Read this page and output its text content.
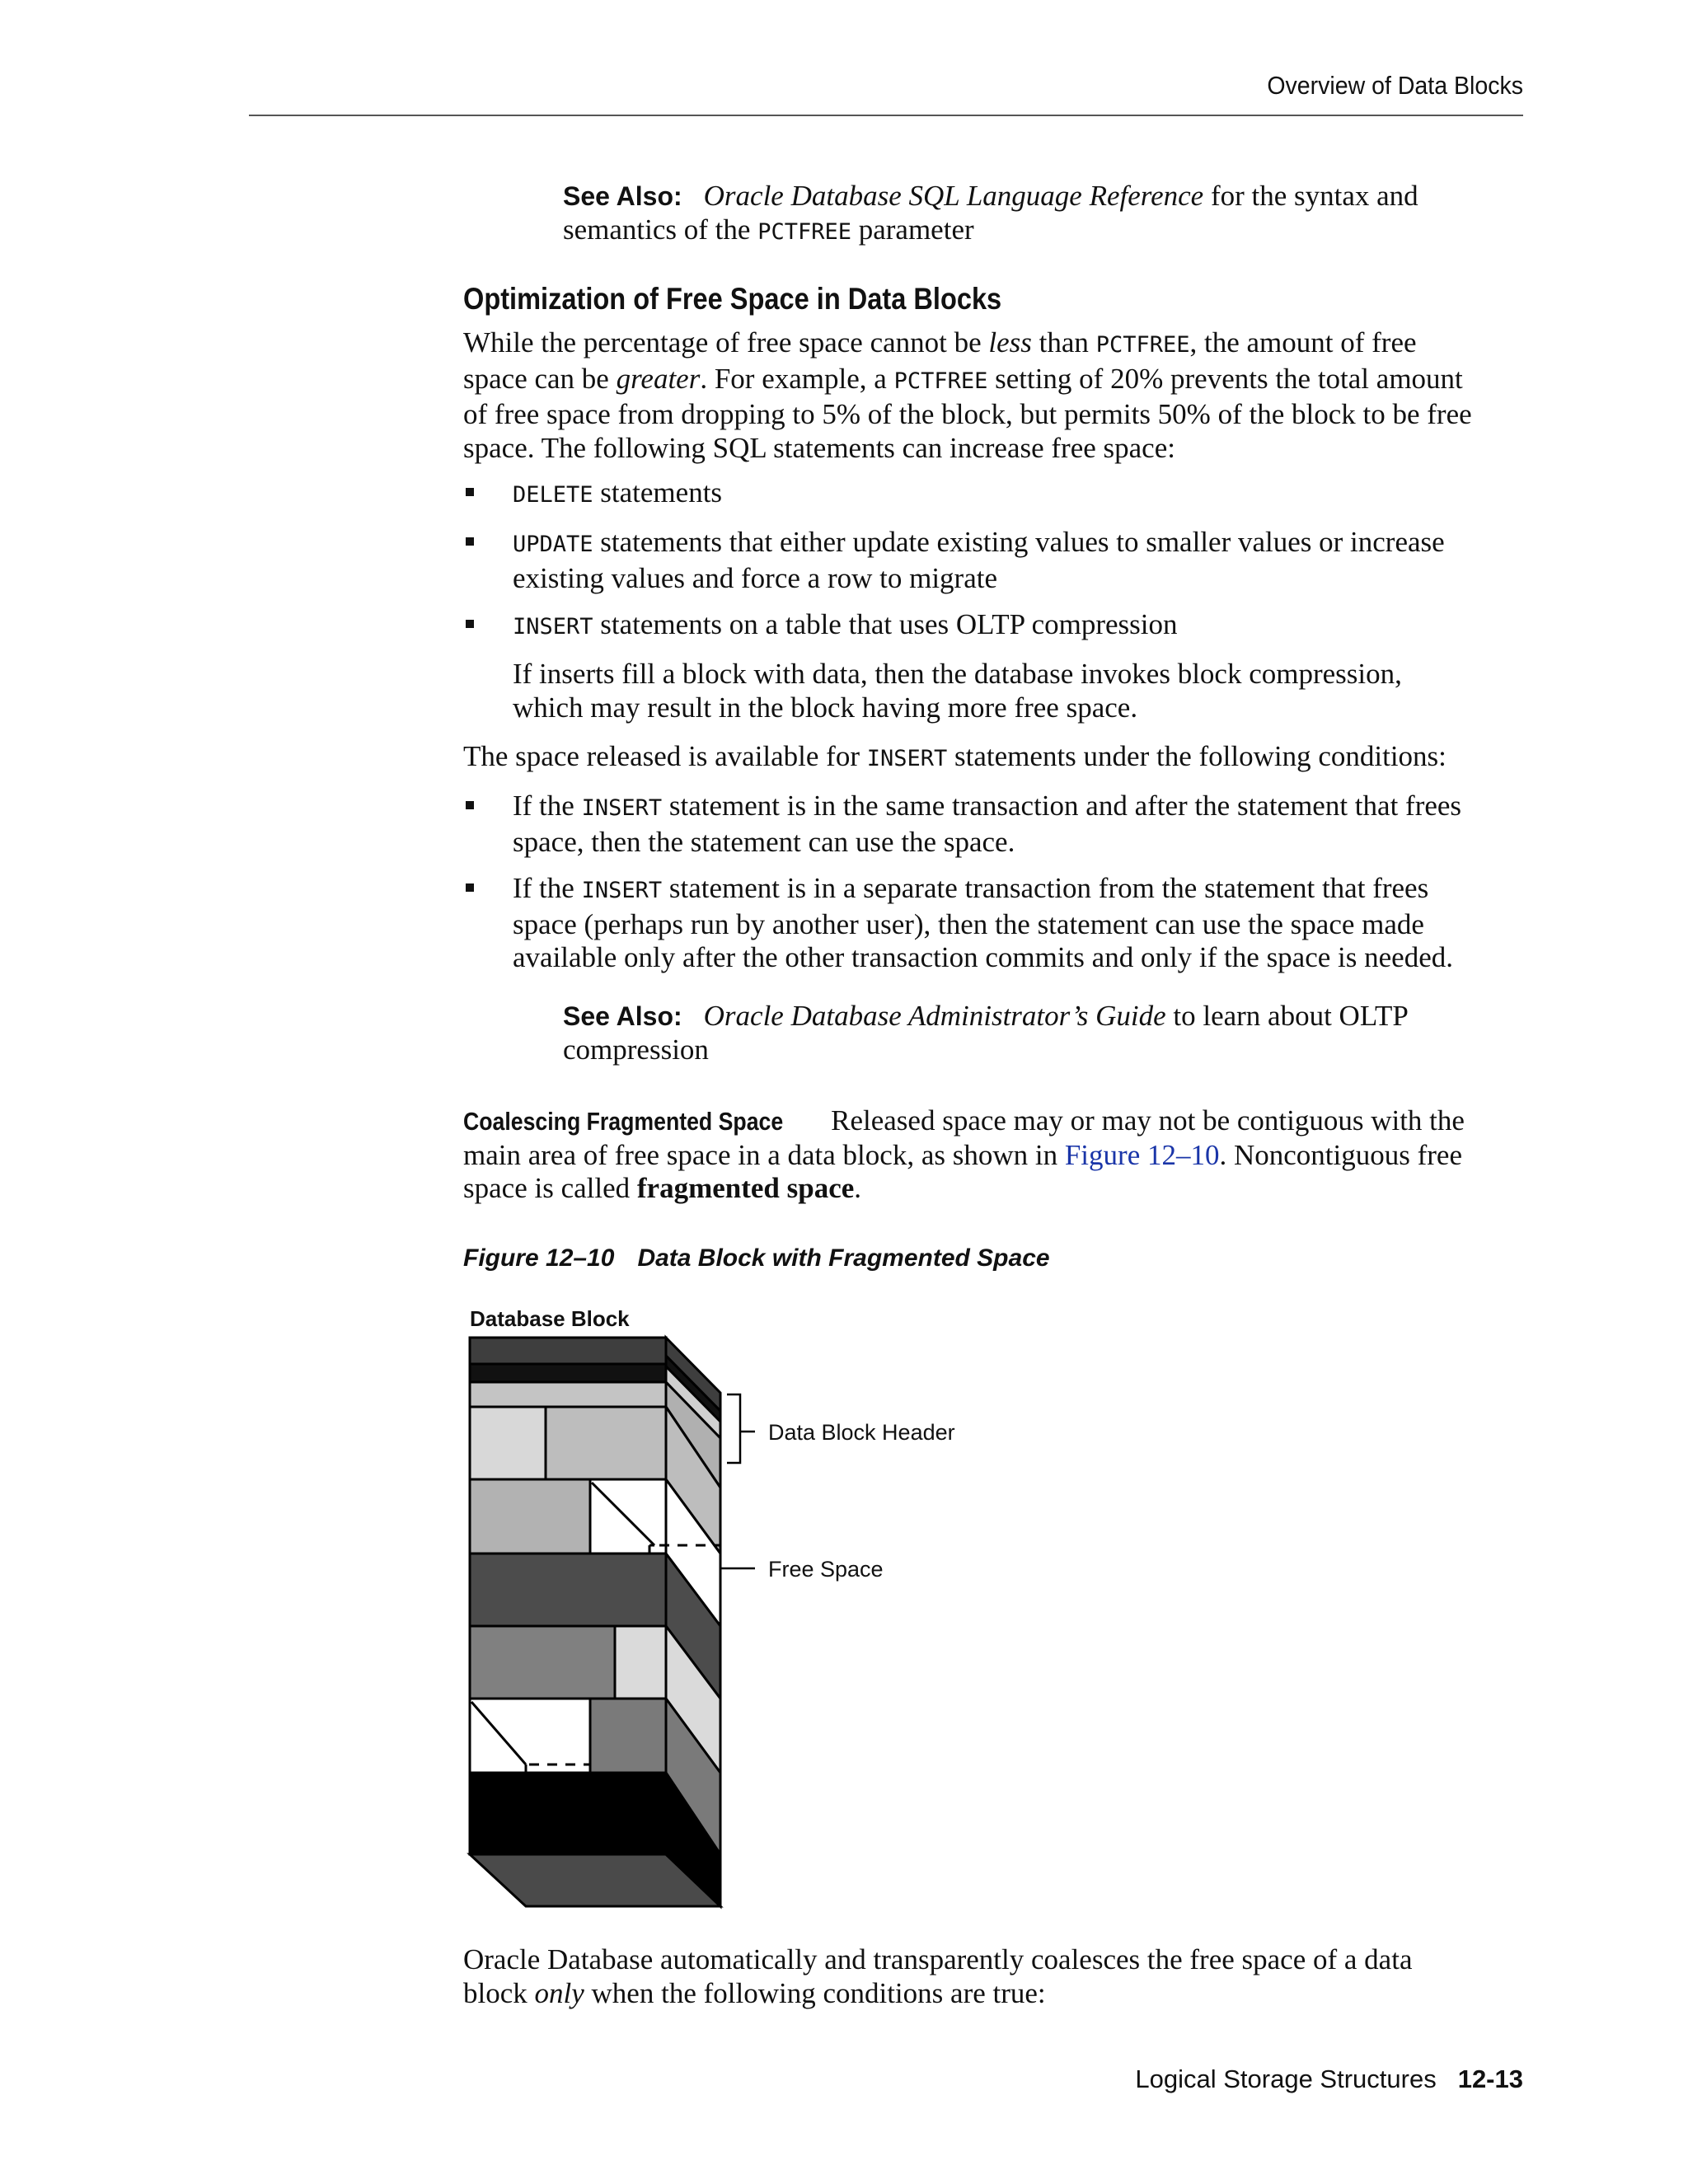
Overview of Data Blocks
See Also: Oracle Database SQL Language Reference for the syntax and
semantics of the PCTFREE parameter
Optimization of Free Space in Data Blocks
While the percentage of free space cannot be less than PCTFREE, the amount of free
space can be greater. For example, a PCTFREE setting of 20% prevents the total amount
of free space from dropping to 5% of the block, but permits 50% of the block to be free
space. The following SQL statements can increase free space:
DELETE statements
UPDATE statements that either update existing values to smaller values or increase
existing values and force a row to migrate
INSERT statements on a table that uses OLTP compression
If inserts fill a block with data, then the database invokes block compression,
which may result in the block having more free space.
The space released is available for INSERT statements under the following conditions:
If the INSERT statement is in the same transaction and after the statement that frees
space, then the statement can use the space.
If the INSERT statement is in a separate transaction from the statement that frees
space (perhaps run by another user), then the statement can use the space made
available only after the other transaction commits and only if the space is needed.
See Also: Oracle Database Administrator’s Guide to learn about OLTP
compression
Coalescing Fragmented Space Released space may or may not be contiguous with the
main area of free space in a data block, as shown in Figure 12–10. Noncontiguous free
space is called fragmented space.
Figure 12–10 Data Block with Fragmented Space
Database Block
Data Block Header
Free Space
Oracle Database automatically and transparently coalesces the free space of a data
block only when the following conditions are true:
Logical Storage Structures 12-13
